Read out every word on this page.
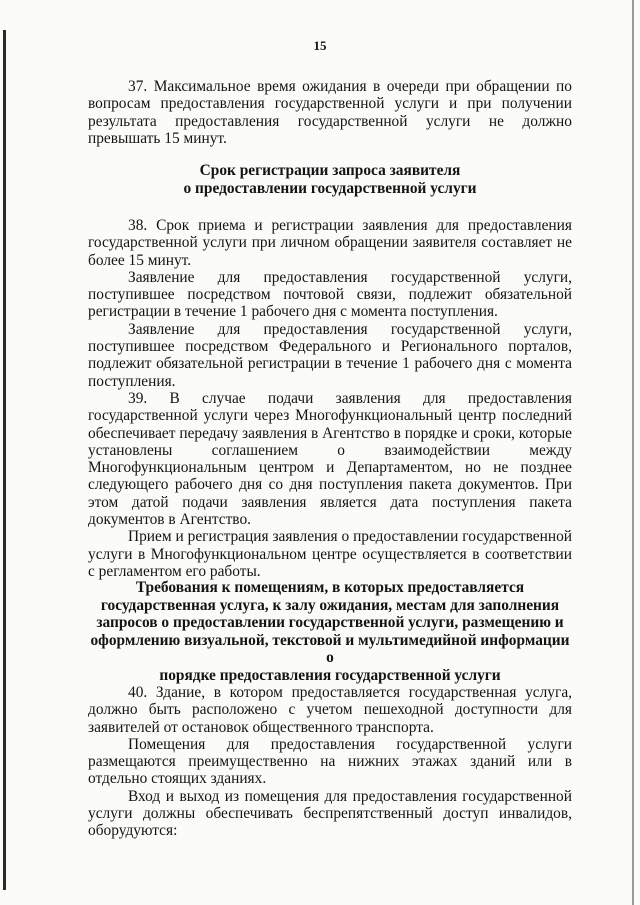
15

37. Максимальное время ожидания в очереди при обращении по вопросам предоставления государственной услуги и при получении результата предоставления государственной услуги не должно превышать 15 минут.

Срок регистрации запроса заявителя
о предоставлении государственной услуги

38. Срок приема и регистрации заявления для предоставления государственной услуги при личном обращении заявителя составляет не более 15 минут.

Заявление для предоставления государственной услуги, поступившее посредством почтовой связи, подлежит обязательной регистрации в течение 1 рабочего дня с момента поступления.

Заявление для предоставления государственной услуги, поступившее посредством Федерального и Регионального порталов, подлежит обязательной регистрации в течение 1 рабочего дня с момента поступления.

39. В случае подачи заявления для предоставления государственной услуги через Многофункциональный центр последний обеспечивает передачу заявления в Агентство в порядке и сроки, которые установлены соглашением о взаимодействии между Многофункциональным центром и Департаментом, но не позднее следующего рабочего дня со дня поступления пакета документов. При этом датой подачи заявления является дата поступления пакета документов в Агентство.

Прием и регистрация заявления о предоставлении государственной услуги в Многофункциональном центре осуществляется в соответствии с регламентом его работы.

Требования к помещениям, в которых предоставляется
государственная услуга, к залу ожидания, местам для заполнения
запросов о предоставлении государственной услуги, размещению и
оформлению визуальной, текстовой и мультимедийной информации о
порядке предоставления государственной услуги

40. Здание, в котором предоставляется государственная услуга, должно быть расположено с учетом пешеходной доступности для заявителей от остановок общественного транспорта.

Помещения для предоставления государственной услуги размещаются преимущественно на нижних этажах зданий или в отдельно стоящих зданиях.

Вход и выход из помещения для предоставления государственной услуги должны обеспечивать беспрепятственный доступ инвалидов, оборудуются:
